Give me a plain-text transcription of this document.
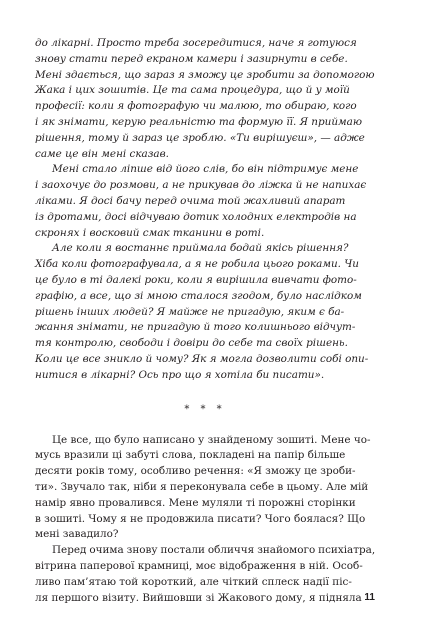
до лікарні. Просто треба зосередитися, наче я готуюся
знову стати перед екраном камери і зазирнути в себе.
Мені здається, що зараз я зможу це зробити за допомогою
Жака і цих зошитів. Це та сама процедура, що й у моїй
професії: коли я фотографую чи малюю, то обираю, кого
і як знімати, керую реальністю та формую її. Я приймаю
рішення, тому й зараз це зроблю. «Ти вирішуєш», — адже
саме це він мені сказав.
Мені стало ліпше від його слів, бо він підтримує мене
і заохочує до розмови, а не прикував до ліжка й не напихає
ліками. Я досі бачу перед очима той жахливий апарат
із дротами, досі відчуваю дотик холодних електродів на
скронях і восковий смак тканини в роті.
Але коли я востаннє приймала бодай якісь рішення?
Хіба коли фотографувала, а я не робила цього роками. Чи
це було в ті далекі роки, коли я вирішила вивчати фото-
графію, а все, що зі мною сталося згодом, було наслідком
рішень інших людей? Я майже не пригадую, яким є ба-
жання знімати, не пригадую й того колишнього відчут-
тя контролю, свободи і довіри до себе та своїх рішень.
Коли це все зникло й чому? Як я могла дозволити собі опи-
нитися в лікарні? Ось про що я хотіла би писати».
* * *
Це все, що було написано у знайденому зошиті. Мене чо-
мусь вразили ці забуті слова, покладені на папір більше
десяти років тому, особливо речення: «Я зможу це зроби-
ти». Звучало так, ніби я переконувала себе в цьому. Але мій
намір явно провалився. Мене муляли ті порожні сторінки
в зошиті. Чому я не продовжила писати? Чого боялася? Що
мені завадило?
Перед очима знову постали обличчя знайомого психіатра,
вітрина паперової крамниці, моє відображення в ній. Особ-
ливо пам’ятаю той короткий, але чіткий сплеск надії піс-
ля першого візиту. Вийшовши зі Жакового дому, я підняла 11
